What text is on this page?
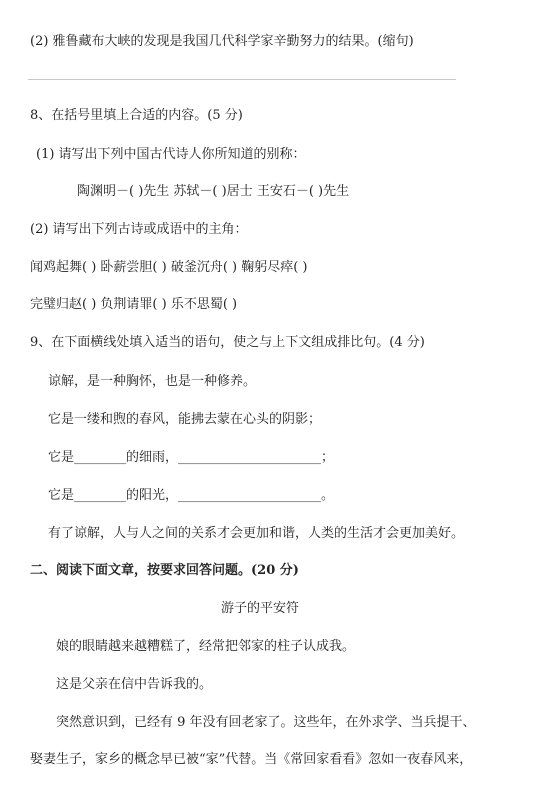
(2) 雅鲁藏布大峡的发现是我国几代科学家辛勤努力的结果。(缩句)
8、在括号里填上合适的内容。(5 分)
(1) 请写出下列中国古代诗人你所知道的别称：
陶渊明－( )先生 苏轼－( )居士 王安石－( )先生
(2) 请写出下列古诗或成语中的主角：
闻鸡起舞( ) 卧薪尝胆( ) 破釜沉舟( ) 鞠躬尽瘁( )
完璧归赵( ) 负荆请罪( ) 乐不思蜀( )
9、在下面横线处填入适当的语句，使之与上下文组成排比句。(4 分)
谅解，是一种胸怀，也是一种修养。
它是一缕和煦的春风，能拂去蒙在心头的阴影；
它是________的细雨，______________________；
它是________的阳光，______________________。
有了谅解，人与人之间的关系才会更加和谐，人类的生活才会更加美好。
二、阅读下面文章，按要求回答问题。(20 分)
游子的平安符
娘的眼睛越来越糟糕了，经常把邻家的柱子认成我。
这是父亲在信中告诉我的。
突然意识到，已经有 9 年没有回老家了。这些年，在外求学、当兵提干、
娶妻生子，家乡的概念早已被“家”代替。当《常回家看看》忽如一夜春风来，
